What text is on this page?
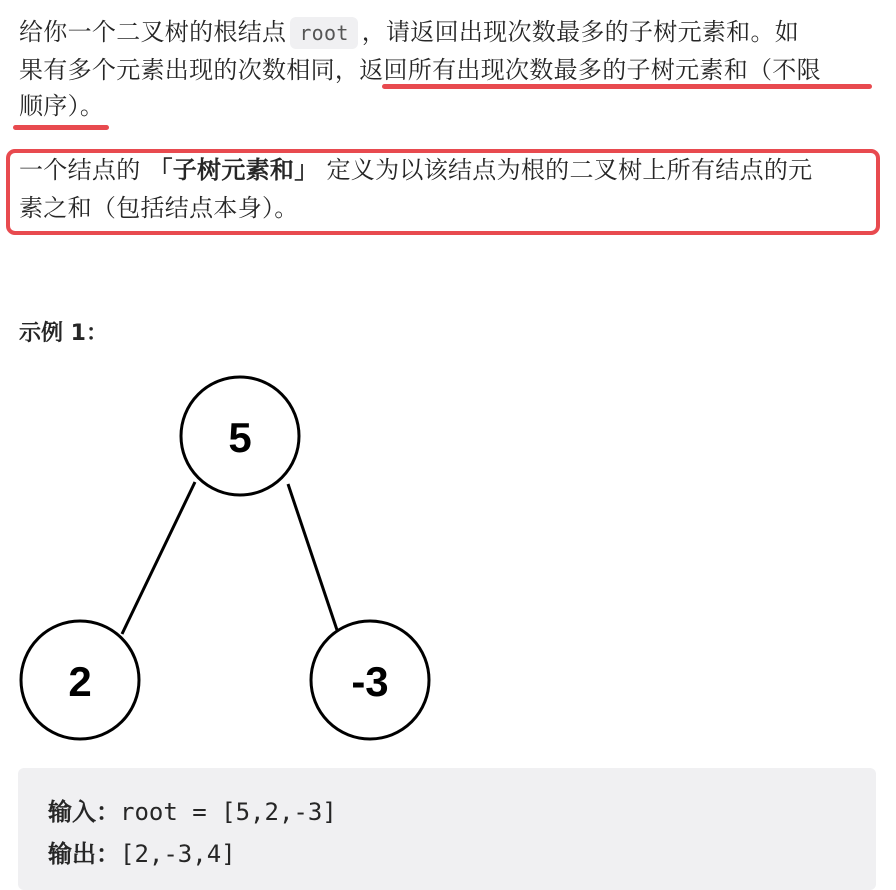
给你一个二叉树的根结点 root ，请返回出现次数最多的子树元素和。如
果有多个元素出现的次数相同，返回所有出现次数最多的子树元素和（不限
顺序）。
一个结点的 「子树元素和」 定义为以该结点为根的二叉树上所有结点的元
素之和（包括结点本身）。
示例 1：
5
2	-3
输入：root = [5,2,-3]
输出：[2,-3,4]
